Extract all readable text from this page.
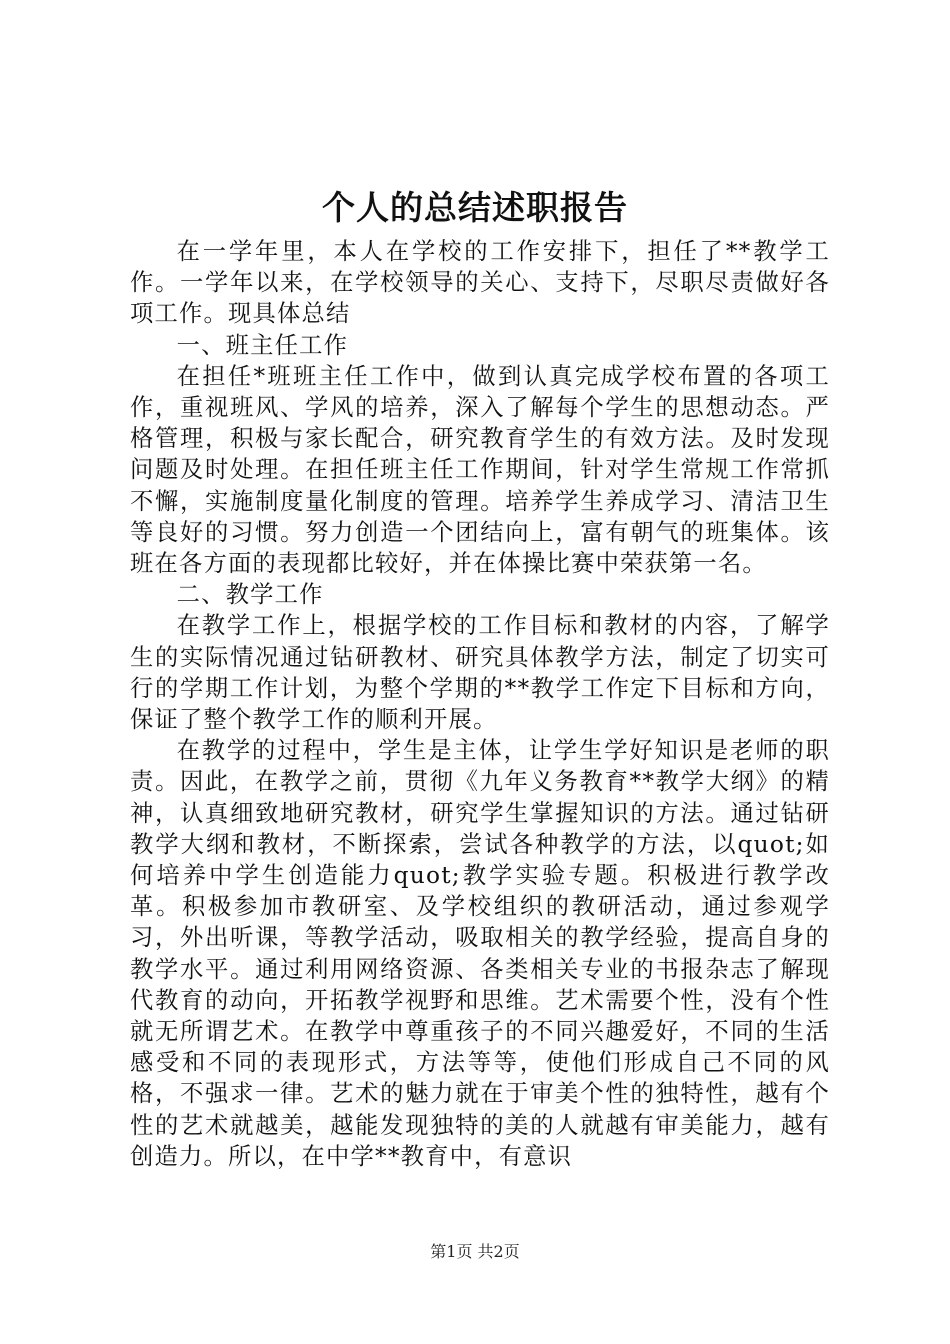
个人的总结述职报告

在一学年里，本人在学校的工作安排下，担任了**教学工作。一学年以来，在学校领导的关心、支持下，尽职尽责做好各项工作。现具体总结

一、班主任工作

在担任*班班主任工作中，做到认真完成学校布置的各项工作，重视班风、学风的培养，深入了解每个学生的思想动态。严格管理，积极与家长配合，研究教育学生的有效方法。及时发现问题及时处理。在担任班主任工作期间，针对学生常规工作常抓不懈，实施制度量化制度的管理。培养学生养成学习、清洁卫生等良好的习惯。努力创造一个团结向上，富有朝气的班集体。该班在各方面的表现都比较好，并在体操比赛中荣获第一名。

二、教学工作

在教学工作上，根据学校的工作目标和教材的内容，了解学生的实际情况通过钻研教材、研究具体教学方法，制定了切实可行的学期工作计划，为整个学期的**教学工作定下目标和方向，保证了整个教学工作的顺利开展。

在教学的过程中，学生是主体，让学生学好知识是老师的职责。因此，在教学之前，贯彻《九年义务教育**教学大纲》的精神，认真细致地研究教材，研究学生掌握知识的方法。通过钻研教学大纲和教材，不断探索，尝试各种教学的方法，以quot;如何培养中学生创造能力quot;教学实验专题。积极进行教学改革。积极参加市教研室、及学校组织的教研活动，通过参观学习，外出听课，等教学活动，吸取相关的教学经验，提高自身的教学水平。通过利用网络资源、各类相关专业的书报杂志了解现代教育的动向，开拓教学视野和思维。艺术需要个性，没有个性就无所谓艺术。在教学中尊重孩子的不同兴趣爱好，不同的生活感受和不同的表现形式，方法等等，使他们形成自己不同的风格，不强求一律。艺术的魅力就在于审美个性的独特性，越有个性的艺术就越美，越能发现独特的美的人就越有审美能力，越有创造力。所以，在中学**教育中，有意识

第1页 共2页
